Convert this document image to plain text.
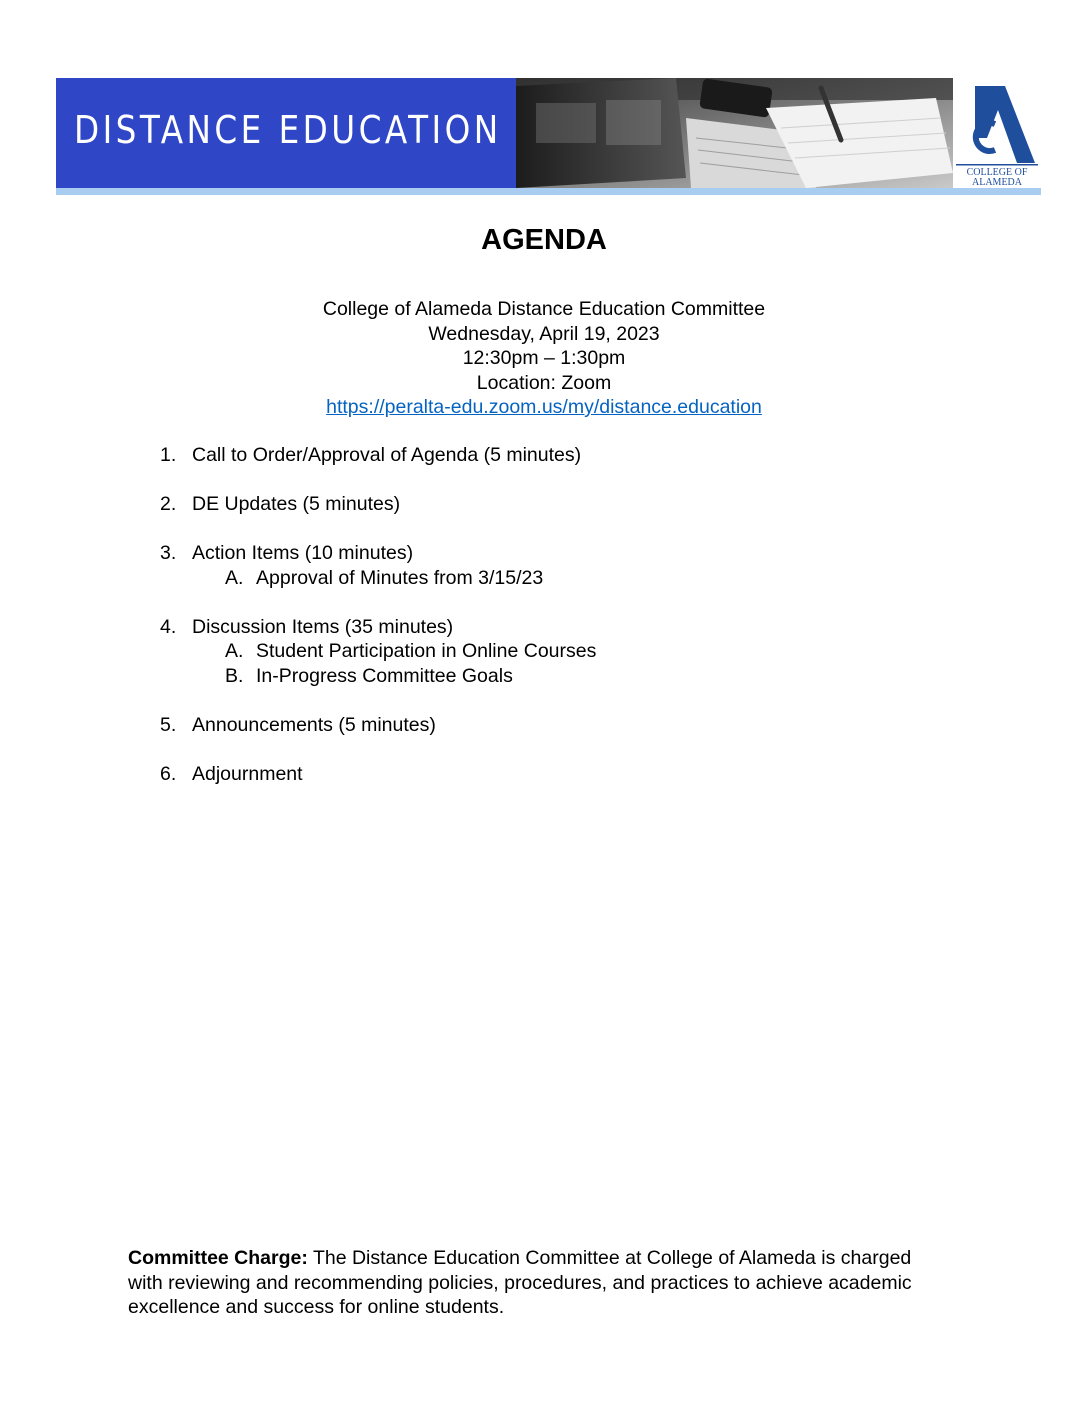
DISTANCE EDUCATION
COLLEGE OF
ALAMEDA
AGENDA
College of Alameda Distance Education Committee
Wednesday, April 19, 2023
12:30pm – 1:30pm
Location: Zoom
https://peralta-edu.zoom.us/my/distance.education
1. Call to Order/Approval of Agenda (5 minutes)
2. DE Updates (5 minutes)
3. Action Items (10 minutes)
A. Approval of Minutes from 3/15/23
4. Discussion Items (35 minutes)
A. Student Participation in Online Courses
B. In-Progress Committee Goals
5. Announcements (5 minutes)
6. Adjournment
Committee Charge: The Distance Education Committee at College of Alameda is charged with reviewing and recommending policies, procedures, and practices to achieve academic excellence and success for online students.
